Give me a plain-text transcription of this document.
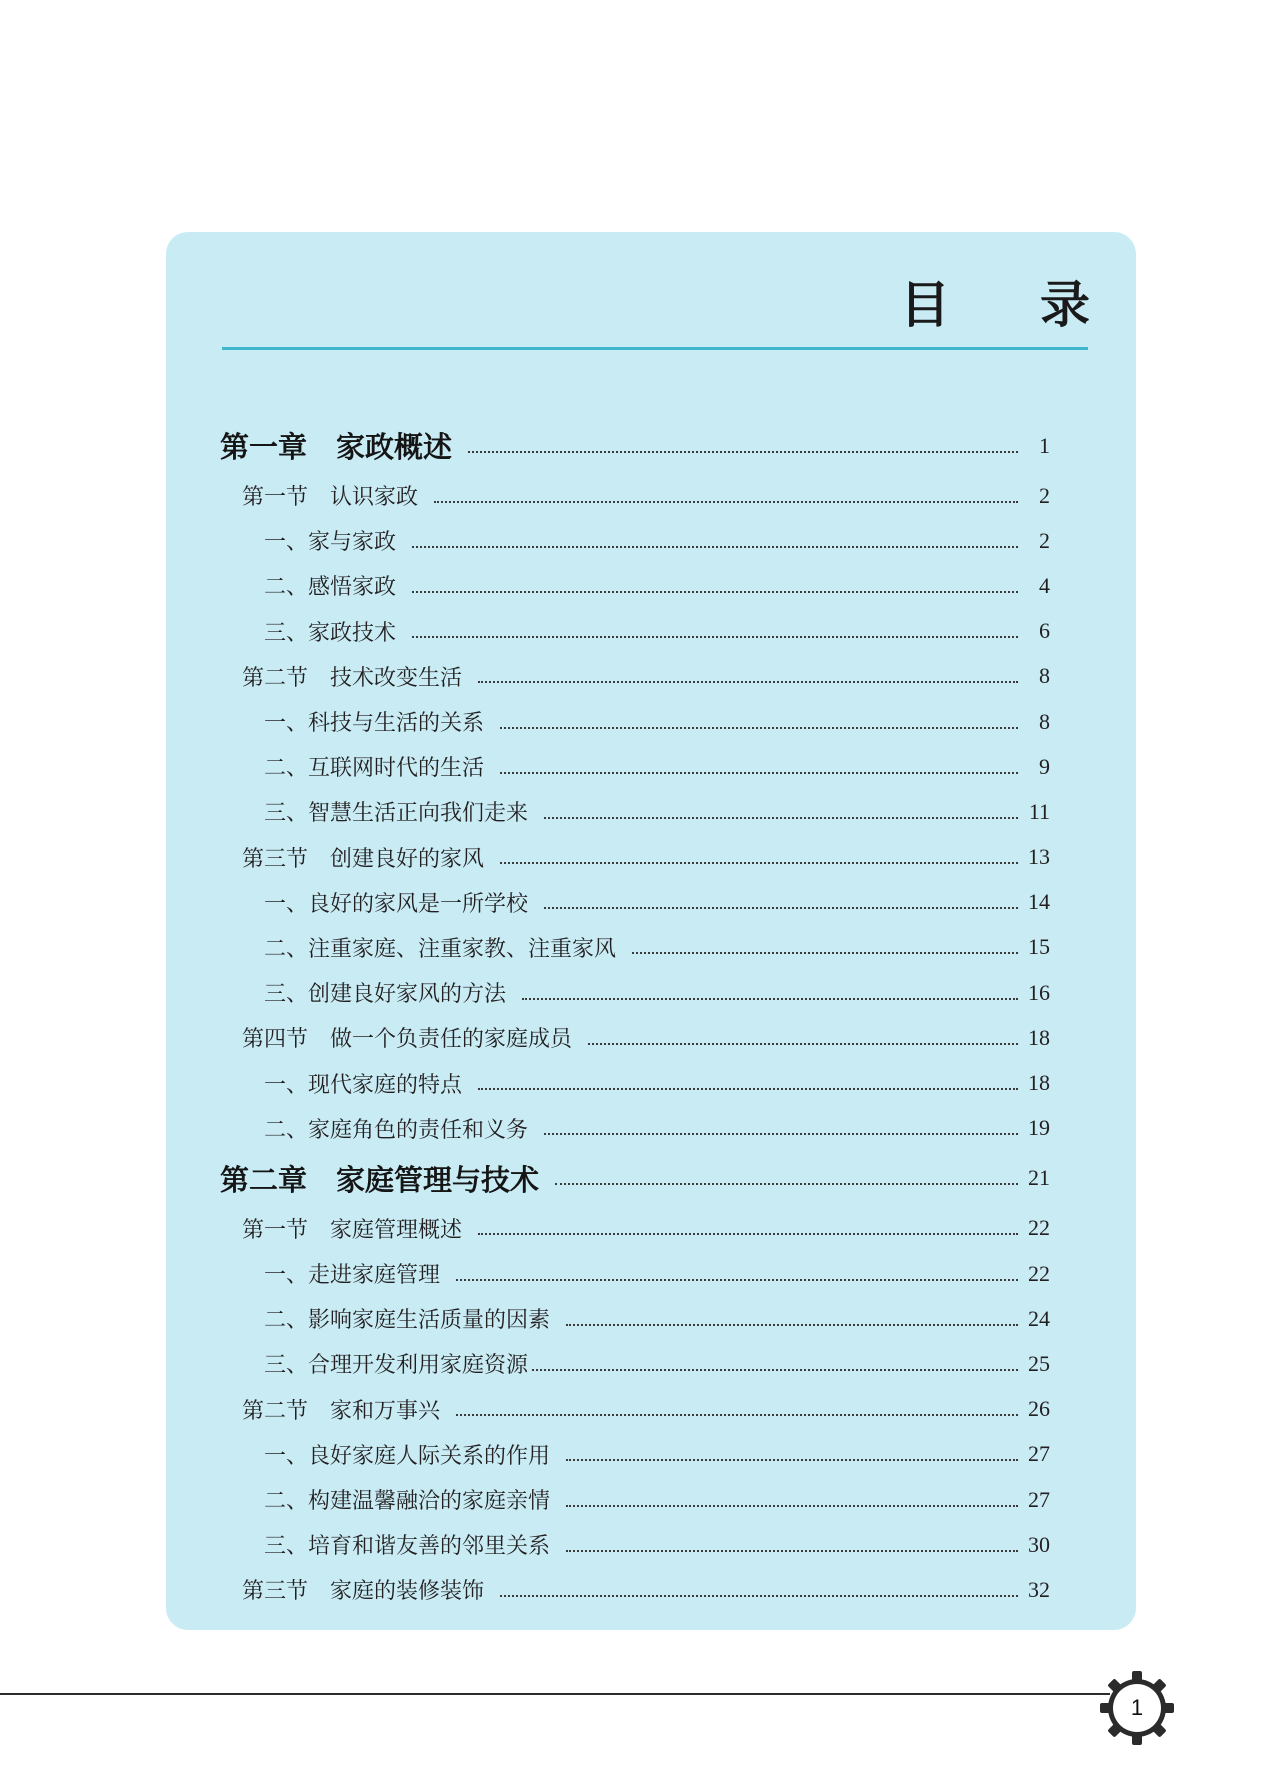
目 录
第一章　家政概述	1
第一节　认识家政	2
一、家与家政	2
二、感悟家政	4
三、家政技术	6
第二节　技术改变生活	8
一、科技与生活的关系	8
二、互联网时代的生活	9
三、智慧生活正向我们走来	11
第三节　创建良好的家风	13
一、良好的家风是一所学校	14
二、注重家庭、注重家教、注重家风	15
三、创建良好家风的方法	16
第四节　做一个负责任的家庭成员	18
一、现代家庭的特点	18
二、家庭角色的责任和义务	19
第二章　家庭管理与技术	21
第一节　家庭管理概述	22
一、走进家庭管理	22
二、影响家庭生活质量的因素	24
三、合理开发利用家庭资源	25
第二节　家和万事兴	26
一、良好家庭人际关系的作用	27
二、构建温馨融洽的家庭亲情	27
三、培育和谐友善的邻里关系	30
第三节　家庭的装修装饰	32
1
